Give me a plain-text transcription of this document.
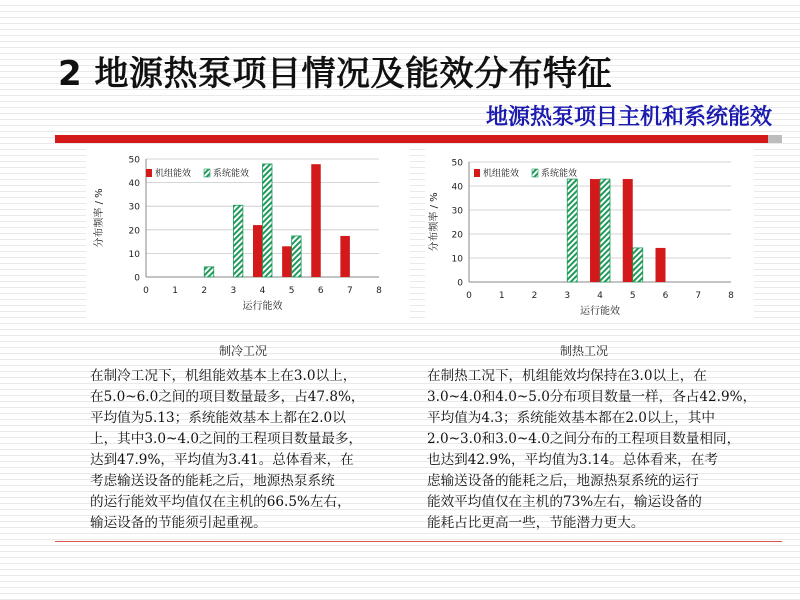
2 地源热泵项目情况及能效分布特征
地源热泵项目主机和系统能效
0
10
20
30
40
50
0	1	2	3	4	5	6	7	8
运行能效
分布频率 / %
机组能效 系统能效
0
10
20
30
40
50
0	1	2	3	4	5	6	7	8
运行能效
分布频率 / %
机组能效 系统能效
制冷工况	制热工况
在制冷工况下，机组能效基本上在3.0以上，
在5.0~6.0之间的项目数量最多，占47.8%，
平均值为5.13；系统能效基本上都在2.0以
上，其中3.0~4.0之间的工程项目数量最多，
达到47.9%，平均值为3.41。总体看来，在
考虑输送设备的能耗之后，地源热泵系统
的运行能效平均值仅在主机的66.5%左右，
输运设备的节能须引起重视。
在制热工况下，机组能效均保持在3.0以上，在
3.0~4.0和4.0~5.0分布项目数量一样，各占42.9%，
平均值为4.3；系统能效基本都在2.0以上，其中
2.0~3.0和3.0~4.0之间分布的工程项目数量相同，
也达到42.9%，平均值为3.14。总体看来，在考
虑输送设备的能耗之后，地源热泵系统的运行
能效平均值仅在主机的73%左右，输运设备的
能耗占比更高一些，节能潜力更大。
